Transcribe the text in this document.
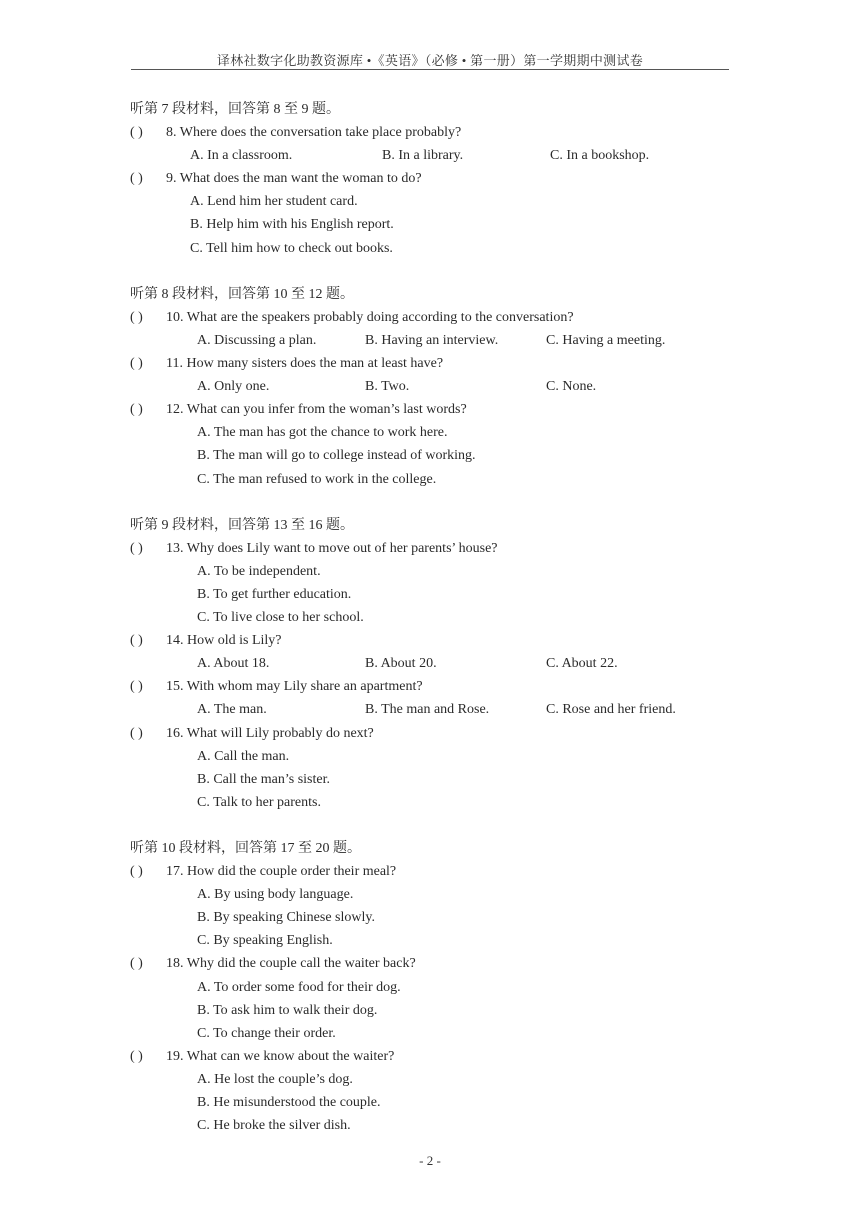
译林社数字化助教资源库 •《英语》（必修 • 第一册）第一学期期中测试卷
听第 7 段材料，回答第 8 至 9 题。
( ) 8. Where does the conversation take place probably?
A. In a classroom.	B. In a library.	C. In a bookshop.
( ) 9. What does the man want the woman to do?
A. Lend him her student card.
B. Help him with his English report.
C. Tell him how to check out books.
听第 8 段材料，回答第 10 至 12 题。
( ) 10. What are the speakers probably doing according to the conversation?
A. Discussing a plan.	B. Having an interview.	C. Having a meeting.
( ) 11. How many sisters does the man at least have?
A. Only one.	B. Two.	C. None.
( ) 12. What can you infer from the woman’s last words?
A. The man has got the chance to work here.
B. The man will go to college instead of working.
C. The man refused to work in the college.
听第 9 段材料，回答第 13 至 16 题。
( ) 13. Why does Lily want to move out of her parents’ house?
A. To be independent.
B. To get further education.
C. To live close to her school.
( ) 14. How old is Lily?
A. About 18.	B. About 20.	C. About 22.
( ) 15. With whom may Lily share an apartment?
A. The man.	B. The man and Rose.	C. Rose and her friend.
( ) 16. What will Lily probably do next?
A. Call the man.
B. Call the man’s sister.
C. Talk to her parents.
听第 10 段材料，回答第 17 至 20 题。
( ) 17. How did the couple order their meal?
A. By using body language.
B. By speaking Chinese slowly.
C. By speaking English.
( ) 18. Why did the couple call the waiter back?
A. To order some food for their dog.
B. To ask him to walk their dog.
C. To change their order.
( ) 19. What can we know about the waiter?
A. He lost the couple’s dog.
B. He misunderstood the couple.
C. He broke the silver dish.
- 2 -
